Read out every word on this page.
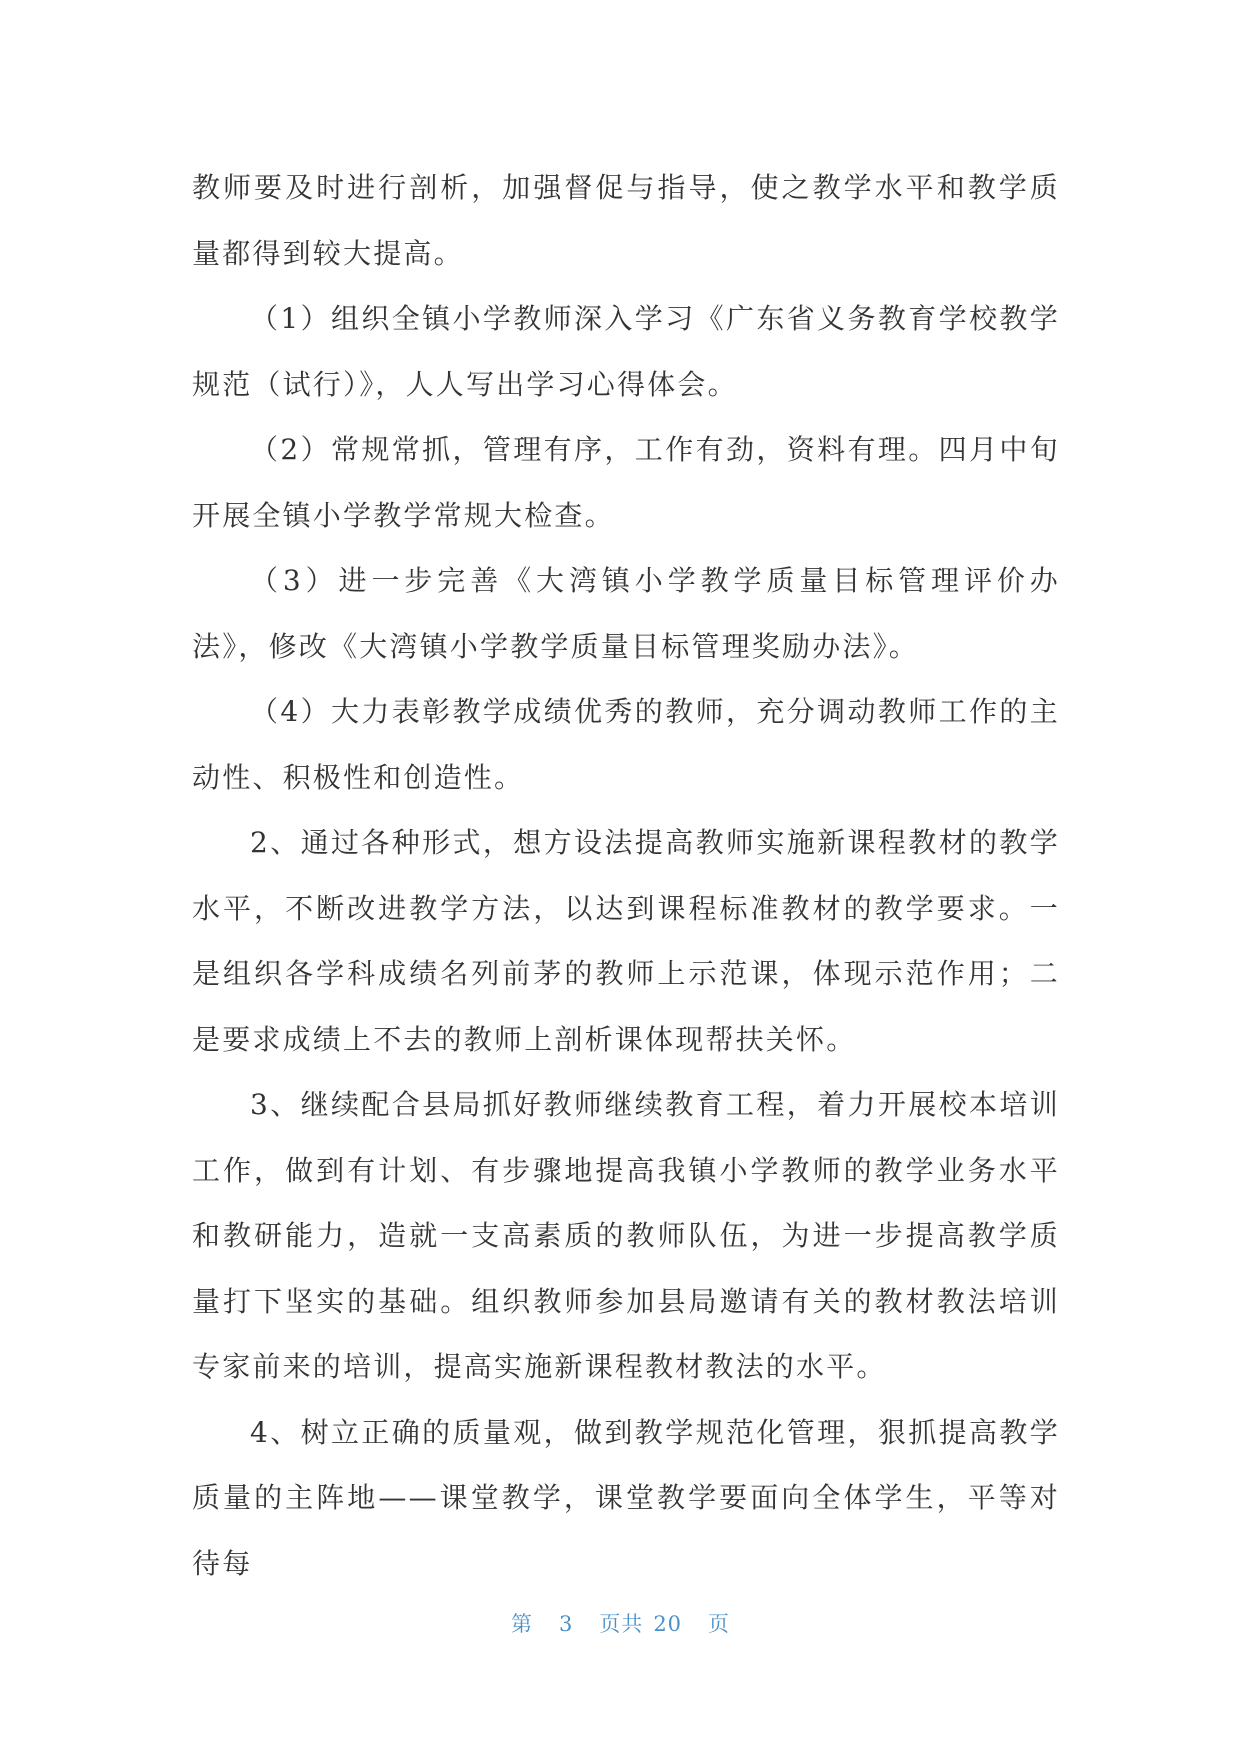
教师要及时进行剖析，加强督促与指导，使之教学水平和教学质量都得到较大提高。

（1）组织全镇小学教师深入学习《广东省义务教育学校教学规范（试行）》，人人写出学习心得体会。

（2）常规常抓，管理有序，工作有劲，资料有理。四月中旬开展全镇小学教学常规大检查。

（3）进一步完善《大湾镇小学教学质量目标管理评价办法》，修改《大湾镇小学教学质量目标管理奖励办法》。

（4）大力表彰教学成绩优秀的教师，充分调动教师工作的主动性、积极性和创造性。

2、通过各种形式，想方设法提高教师实施新课程教材的教学水平，不断改进教学方法，以达到课程标准教材的教学要求。一是组织各学科成绩名列前茅的教师上示范课，体现示范作用；二是要求成绩上不去的教师上剖析课体现帮扶关怀。

3、继续配合县局抓好教师继续教育工程，着力开展校本培训工作，做到有计划、有步骤地提高我镇小学教师的教学业务水平和教研能力，造就一支高素质的教师队伍，为进一步提高教学质量打下坚实的基础。组织教师参加县局邀请有关的教材教法培训专家前来的培训，提高实施新课程教材教法的水平。

4、树立正确的质量观，做到教学规范化管理，狠抓提高教学质量的主阵地——课堂教学，课堂教学要面向全体学生，平等对待每

第 3 页共 20 页
